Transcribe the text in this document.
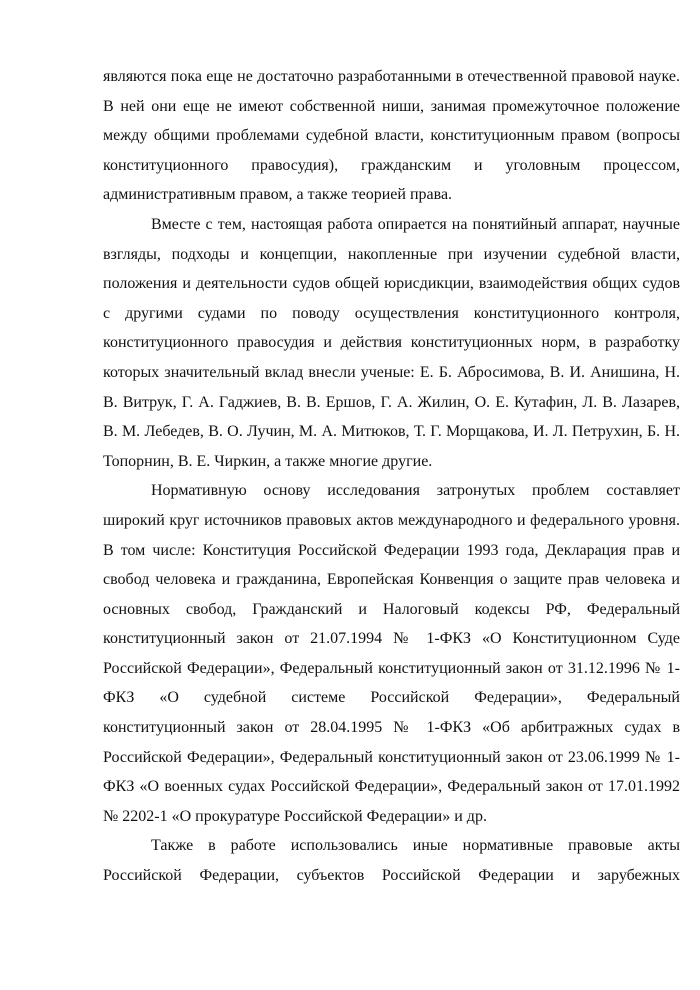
являются пока еще не достаточно разработанными в отечественной правовой науке. В ней они еще не имеют собственной ниши, занимая промежуточное положение между общими проблемами судебной власти, конституционным правом (вопросы конституционного правосудия), гражданским и уголовным процессом, административным правом, а также теорией права.

Вместе с тем, настоящая работа опирается на понятийный аппарат, научные взгляды, подходы и концепции, накопленные при изучении судебной власти, положения и деятельности судов общей юрисдикции, взаимодействия общих судов с другими судами по поводу осуществления конституционного контроля, конституционного правосудия и действия конституционных норм, в разработку которых значительный вклад внесли ученые: Е. Б. Абросимова, В. И. Анишина, Н. В. Витрук, Г. А. Гаджиев, В. В. Ершов, Г. А. Жилин, О. Е. Кутафин, Л. В. Лазарев, В. М. Лебедев, В. О. Лучин, М. А. Митюков, Т. Г. Морщакова, И. Л. Петрухин, Б. Н. Топорнин, В. Е. Чиркин, а также многие другие.

Нормативную основу исследования затронутых проблем составляет широкий круг источников правовых актов международного и федерального уровня. В том числе: Конституция Российской Федерации 1993 года, Декларация прав и свобод человека и гражданина, Европейская Конвенция о защите прав человека и основных свобод, Гражданский и Налоговый кодексы РФ, Федеральный конституционный закон от 21.07.1994 № 1-ФКЗ «О Конституционном Суде Российской Федерации», Федеральный конституционный закон от 31.12.1996 № 1-ФКЗ «О судебной системе Российской Федерации», Федеральный конституционный закон от 28.04.1995 № 1-ФКЗ «Об арбитражных судах в Российской Федерации», Федеральный конституционный закон от 23.06.1999 № 1-ФКЗ «О военных судах Российской Федерации», Федеральный закон от 17.01.1992 № 2202-1 «О прокуратуре Российской Федерации» и др.

Также в работе использовались иные нормативные правовые акты Российской Федерации, субъектов Российской Федерации и зарубежных
